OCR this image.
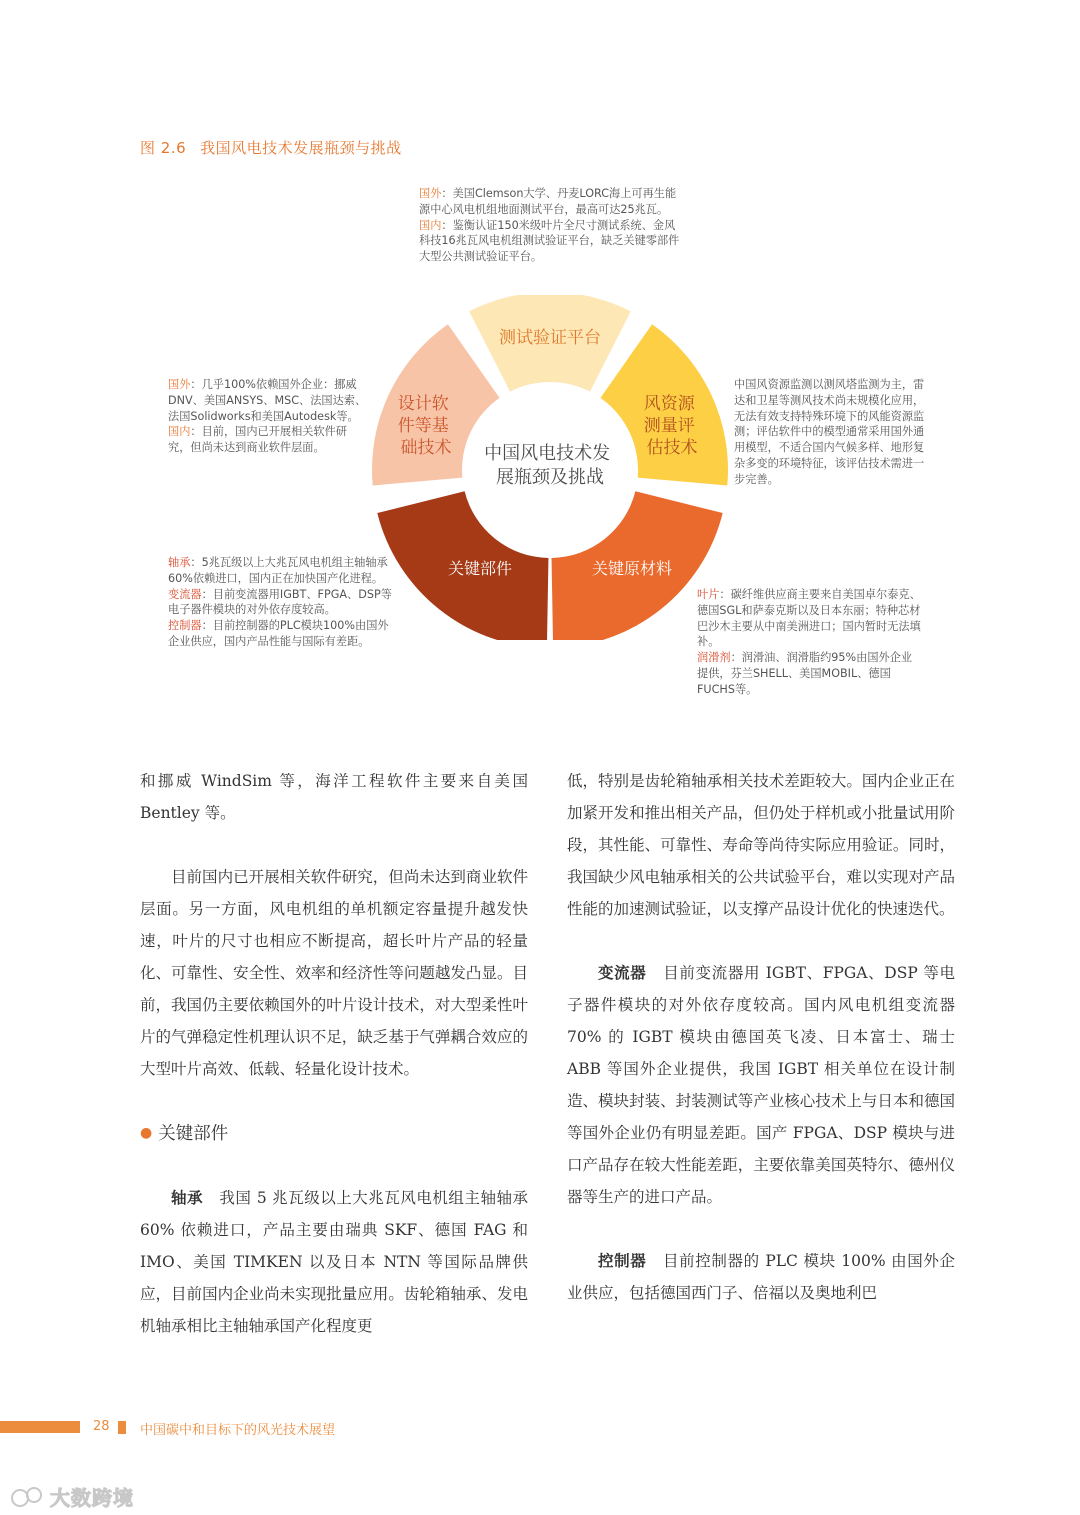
图 2.6 我国风电技术发展瓶颈与挑战
国外：美国Clemson大学、丹麦LORC海上可再生能源中心风电机组地面测试平台，最高可达25兆瓦。
国内：鉴衡认证150米级叶片全尺寸测试系统、金风科技16兆瓦风电机组测试验证平台，缺乏关键零部件大型公共测试验证平台。
国外：几乎100%依赖国外企业：挪威DNV、美国ANSYS、MSC、法国达索、法国Solidworks和美国Autodesk等。
国内：目前，国内已开展相关软件研究，但尚未达到商业软件层面。
中国风资源监测以测风塔监测为主，雷达和卫星等测风技术尚未规模化应用，无法有效支持特殊环境下的风能资源监测；评估软件中的模型通常采用国外通用模型，不适合国内气候多样、地形复杂多变的环境特征，该评估技术需进一步完善。
轴承：5兆瓦级以上大兆瓦风电机组主轴轴承60%依赖进口，国内正在加快国产化进程。
变流器：目前变流器用IGBT、FPGA、DSP等电子器件模块的对外依存度较高。
控制器：目前控制器的PLC模块100%由国外企业供应，国内产品性能与国际有差距。
叶片：碳纤维供应商主要来自美国卓尔泰克、德国SGL和萨泰克斯以及日本东丽；特种芯材巴沙木主要从中南美洲进口；国内暂时无法填补。
润滑剂：润滑油、润滑脂约95%由国外企业提供，芬兰SHELL、美国MOBIL、德国FUCHS等。
测试验证平台
风资源 测量评 估技术
关键原材料
关键部件
设计软 件等基 础技术 中国风电技术发 展瓶颈及挑战

和挪威 WindSim 等，海洋工程软件主要来自美国 Bentley 等。

目前国内已开展相关软件研究，但尚未达到商业软件层面。另一方面，风电机组的单机额定容量提升越发快速，叶片的尺寸也相应不断提高，超长叶片产品的轻量化、可靠性、安全性、效率和经济性等问题越发凸显。目前，我国仍主要依赖国外的叶片设计技术，对大型柔性叶片的气弹稳定性机理认识不足，缺乏基于气弹耦合效应的大型叶片高效、低载、轻量化设计技术。

● 关键部件

轴承 我国 5 兆瓦级以上大兆瓦风电机组主轴轴承 60% 依赖进口，产品主要由瑞典 SKF、德国 FAG 和 IMO、美国 TIMKEN 以及日本 NTN 等国际品牌供应，目前国内企业尚未实现批量应用。齿轮箱轴承、发电机轴承相比主轴轴承国产化程度更

低，特别是齿轮箱轴承相关技术差距较大。国内企业正在加紧开发和推出相关产品，但仍处于样机或小批量试用阶段，其性能、可靠性、寿命等尚待实际应用验证。同时，我国缺少风电轴承相关的公共试验平台，难以实现对产品性能的加速测试验证，以支撑产品设计优化的快速迭代。

变流器 目前变流器用 IGBT、FPGA、DSP 等电子器件模块的对外依存度较高。国内风电机组变流器 70% 的 IGBT 模块由德国英飞凌、日本富士、瑞士 ABB 等国外企业提供，我国 IGBT 相关单位在设计制造、模块封装、封装测试等产业核心技术上与日本和德国等国外企业仍有明显差距。国产 FPGA、DSP 模块与进口产品存在较大性能差距，主要依靠美国英特尔、德州仪器等生产的进口产品。

控制器 目前控制器的 PLC 模块 100% 由国外企业供应，包括德国西门子、倍福以及奥地利巴

28 中国碳中和目标下的风光技术展望
大数跨境
